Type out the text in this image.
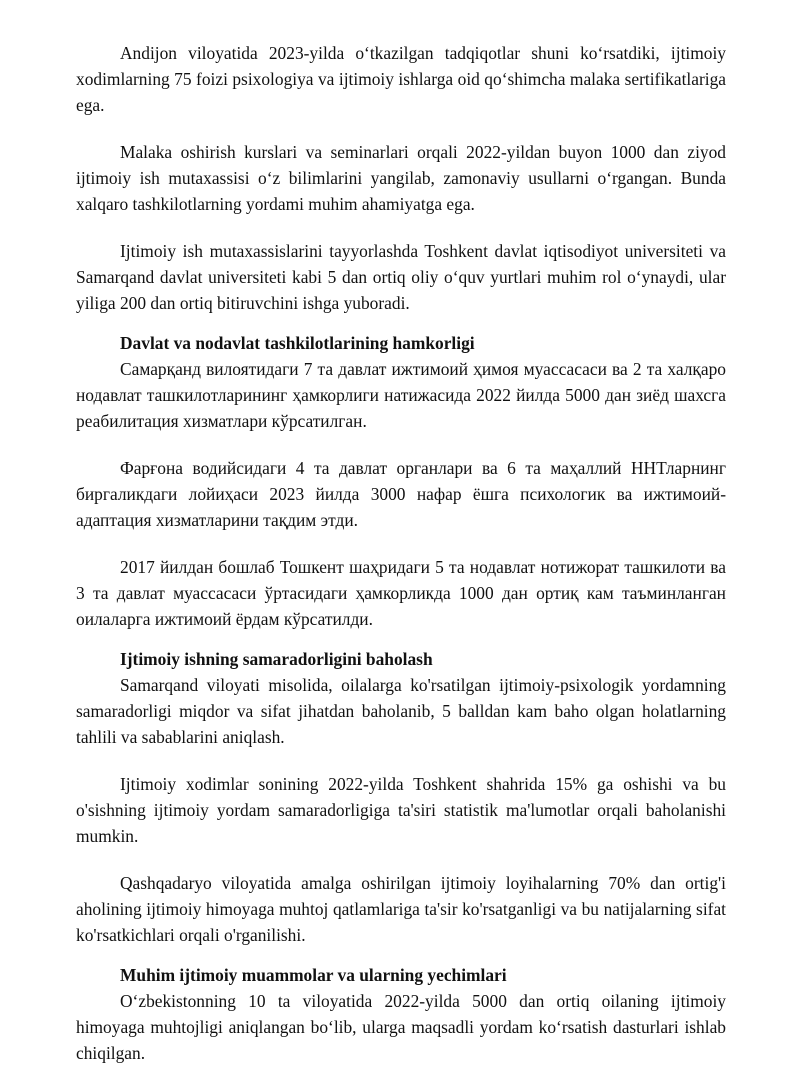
Andijon viloyatida 2023-yilda oʻtkazilgan tadqiqotlar shuni koʻrsatdiki, ijtimoiy xodimlarning 75 foizi psixologiya va ijtimoiy ishlarga oid qoʻshimcha malaka sertifikatlariga ega.

Malaka oshirish kurslari va seminarlari orqali 2022-yildan buyon 1000 dan ziyod ijtimoiy ish mutaxassisi oʻz bilimlarini yangilab, zamonaviy usullarni oʻrgangan. Bunda xalqaro tashkilotlarning yordami muhim ahamiyatga ega.

Ijtimoiy ish mutaxassislarini tayyorlashda Toshkent davlat iqtisodiyot universiteti va Samarqand davlat universiteti kabi 5 dan ortiq oliy oʻquv yurtlari muhim rol oʻynaydi, ular yiliga 200 dan ortiq bitiruvchini ishga yuboradi.

Davlat va nodavlat tashkilotlarining hamkorligi

Самарқанд вилоятидаги 7 та давлат ижтимоий ҳимоя муассасаси ва 2 та халқаро нодавлат ташкилотларининг ҳамкорлиги натижасида 2022 йилда 5000 дан зиёд шахсга реабилитация хизматлари кўрсатилган.

Фарғона водийсидаги 4 та давлат органлари ва 6 та маҳаллий ННТларнинг биргаликдаги лойиҳаси 2023 йилда 3000 нафар ёшга психологик ва ижтимоий-адаптация хизматларини тақдим этди.

2017 йилдан бошлаб Тошкент шаҳридаги 5 та нодавлат нотижорат ташкилоти ва 3 та давлат муассасаси ўртасидаги ҳамкорликда 1000 дан ортиқ кам таъминланган оилаларга ижтимоий ёрдам кўрсатилди.

Ijtimoiy ishning samaradorligini baholash

Samarqand viloyati misolida, oilalarga ko'rsatilgan ijtimoiy-psixologik yordamning samaradorligi miqdor va sifat jihatdan baholanib, 5 balldan kam baho olgan holatlarning tahlili va sabablarini aniqlash.

Ijtimoiy xodimlar sonining 2022-yilda Toshkent shahrida 15% ga oshishi va bu o'sishning ijtimoiy yordam samaradorligiga ta'siri statistik ma'lumotlar orqali baholanishi mumkin.

Qashqadaryo viloyatida amalga oshirilgan ijtimoiy loyihalarning 70% dan ortig'i aholining ijtimoiy himoyaga muhtoj qatlamlariga ta'sir ko'rsatganligi va bu natijalarning sifat ko'rsatkichlari orqali o'rganilishi.

Muhim ijtimoiy muammolar va ularning yechimlari

Oʻzbekistonning 10 ta viloyatida 2022-yilda 5000 dan ortiq oilaning ijtimoiy himoyaga muhtojligi aniqlangan boʻlib, ularga maqsadli yordam koʻrsatish dasturlari ishlab chiqilgan.
